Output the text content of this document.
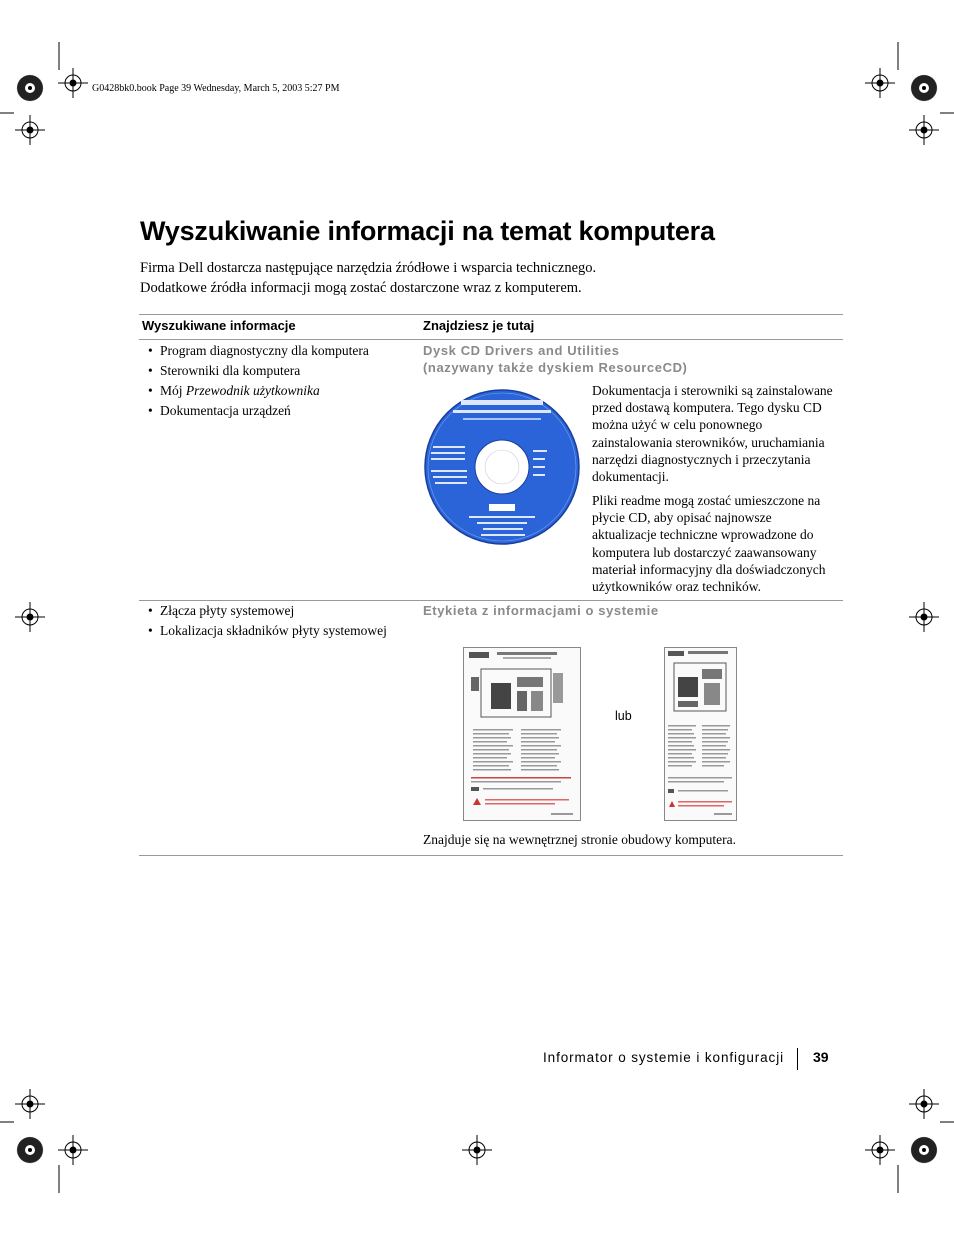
G0428bk0.book Page 39 Wednesday, March 5, 2003 5:27 PM
Wyszukiwanie informacji na temat komputera
Firma Dell dostarcza następujące narzędzia źródłowe i wsparcia technicznego.
Dodatkowe źródła informacji mogą zostać dostarczone wraz z komputerem.
Wyszukiwane informacje	Znajdziesz je tutaj
• Program diagnostyczny dla komputera
• Sterowniki dla komputera
• Mój Przewodnik użytkownika
• Dokumentacja urządzeń
Dysk CD Drivers and Utilities
(nazywany także dyskiem ResourceCD)
Dokumentacja i sterowniki są zainstalowane przed dostawą komputera. Tego dysku CD można użyć w celu ponownego zainstalowania sterowników, uruchamiania narzędzi diagnostycznych i przeczytania dokumentacji.
Pliki readme mogą zostać umieszczone na płycie CD, aby opisać najnowsze aktualizacje techniczne wprowadzone do komputera lub dostarczyć zaawansowany materiał informacyjny dla doświadczonych użytkowników oraz techników.
• Złącza płyty systemowej
• Lokalizacja składników płyty systemowej
Etykieta z informacjami o systemie
lub
Znajduje się na wewnętrznej stronie obudowy komputera.
Informator o systemie i konfiguracji 39
